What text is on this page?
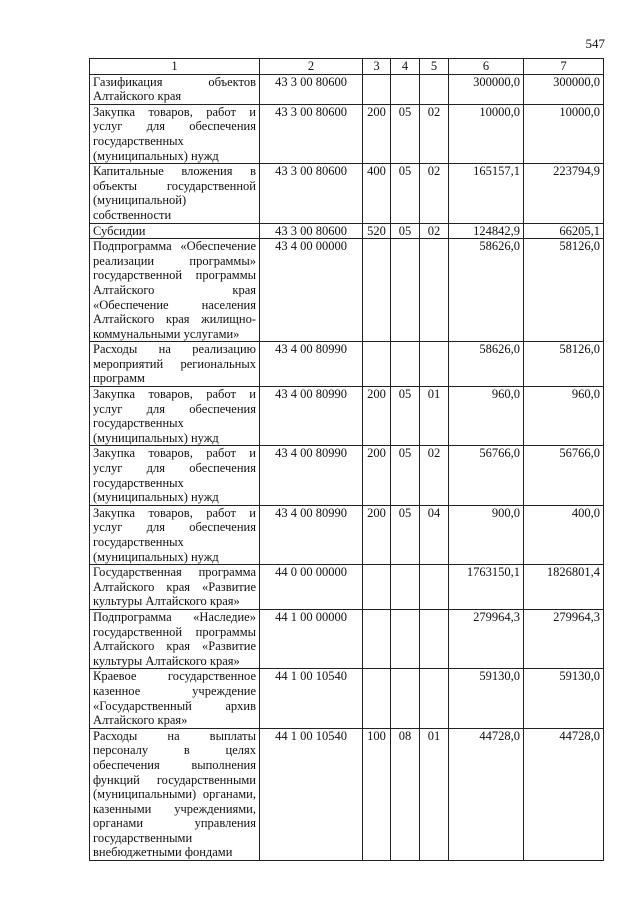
547
1	2	3	4	5	6	7
Газификация объектов Алтайского края	43 3 00 80600				300000,0	300000,0
Закупка товаров, работ и услуг для обеспечения государственных (муниципальных) нужд	43 3 00 80600	200	05	02	10000,0	10000,0
Капитальные вложения в объекты государственной (муниципальной) собственности	43 3 00 80600	400	05	02	165157,1	223794,9
Субсидии	43 3 00 80600	520	05	02	124842,9	66205,1
Подпрограмма «Обеспечение реализации программы» государственной программы Алтайского края «Обеспечение населения Алтайского края жилищно-коммунальными услугами»	43 4 00 00000				58626,0	58126,0
Расходы на реализацию мероприятий региональных программ	43 4 00 80990				58626,0	58126,0
Закупка товаров, работ и услуг для обеспечения государственных (муниципальных) нужд	43 4 00 80990	200	05	01	960,0	960,0
Закупка товаров, работ и услуг для обеспечения государственных (муниципальных) нужд	43 4 00 80990	200	05	02	56766,0	56766,0
Закупка товаров, работ и услуг для обеспечения государственных (муниципальных) нужд	43 4 00 80990	200	05	04	900,0	400,0
Государственная программа Алтайского края «Развитие культуры Алтайского края»	44 0 00 00000				1763150,1	1826801,4
Подпрограмма «Наследие» государственной программы Алтайского края «Развитие культуры Алтайского края»	44 1 00 00000				279964,3	279964,3
Краевое государственное казенное учреждение «Государственный архив Алтайского края»	44 1 00 10540				59130,0	59130,0
Расходы на выплаты персоналу в целях обеспечения выполнения функций государственными (муниципальными) органами, казенными учреждениями, органами управления государственными внебюджетными фондами	44 1 00 10540	100	08	01	44728,0	44728,0
